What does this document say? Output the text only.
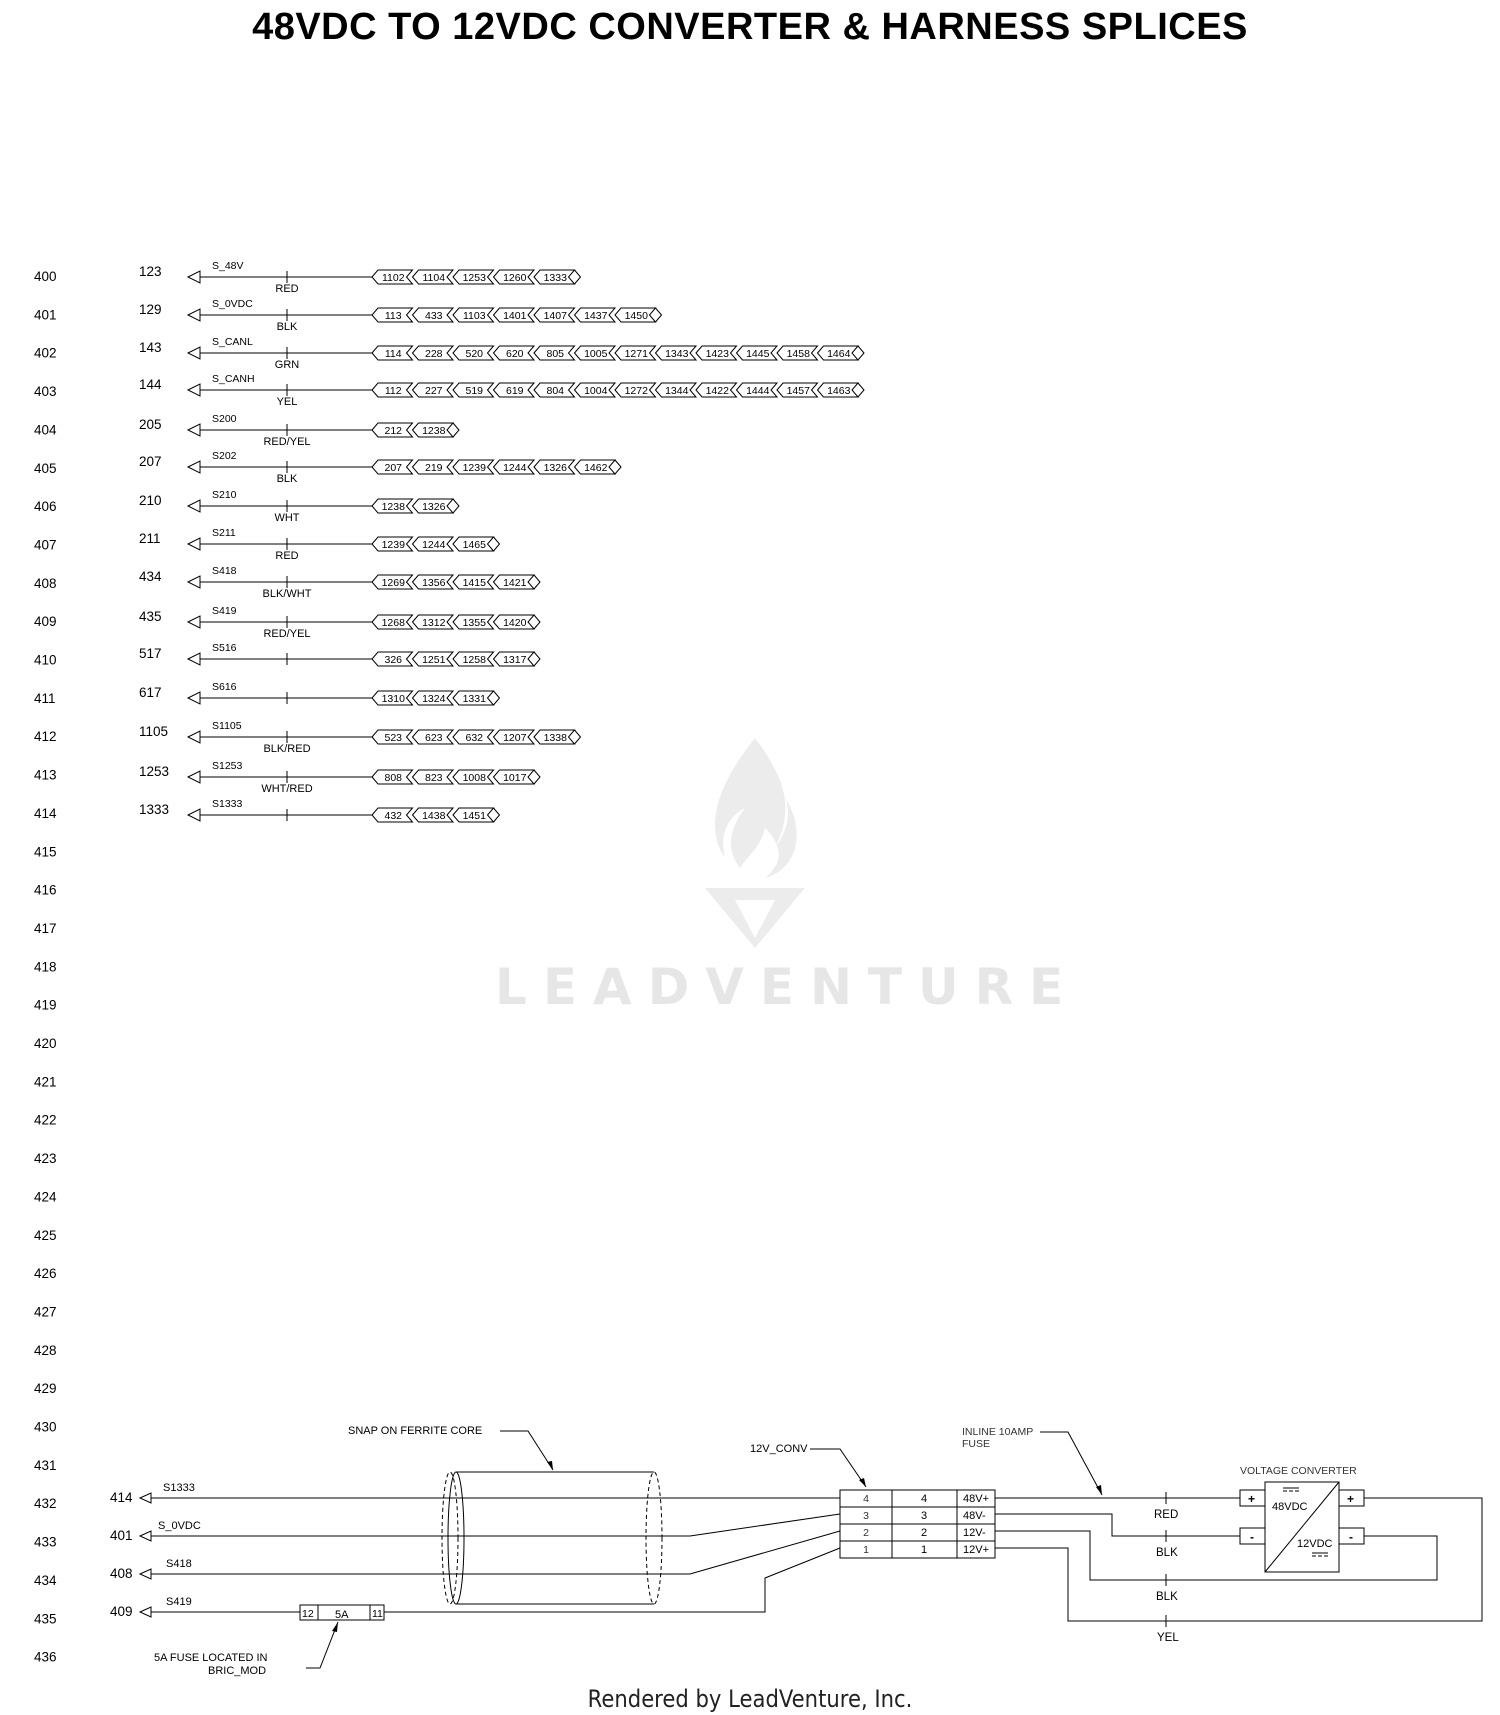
48VDC TO 12VDC CONVERTER & HARNESS SPLICES
LEADVENTURE
400
401
402
403
404
405
406
407
408
409
410
411
412
413
414
415
416
417
418
419
420
421
422
423
424
425
426
427
428
429
430
431
432
433
434
435
436
123	S_48V
RED
1102 1104 1253 1260 1333
129	S_0VDC
BLK
113 433 1103 1401 1407 1437 1450
143	S_CANL
GRN
114 228 520 620 805 1005 1271 1343 1423 1445 1458 1464
144	S_CANH
YEL
112 227 519 619 804 1004 1272 1344 1422 1444 1457 1463
205	S200
RED/YEL
212 1238
207	S202
BLK
207 219 1239 1244 1326 1462
210	S210
WHT
1238 1326
211	S211
RED
1239 1244 1465
434	S418
BLK/WHT
1269 1356 1415 1421
435	S419
RED/YEL
1268 1312 1355 1420
517	S516
326 1251 1258 1317
617	S616
1310 1324 1331
1105	S1105
BLK/RED
523 623 632 1207 1338
1253	S1253
WHT/RED
808 823 1008 1017
1333	S1333
432 1438 1451
414
S1333
401
S_0VDC
408
S418
409
S419
SNAP ON FERRITE CORE
12 5A 11
5A FUSE LOCATED IN
BRIC_MOD
12V_CONV
4	4	48V+
3	3	48V-
2	2	12V-
1	1	12V+
RED
BLK
BLK
YEL
INLINE 10AMP
FUSE
VOLTAGE CONVERTER
+
-
+
-
48VDC
12VDC
Rendered by LeadVenture, Inc.
